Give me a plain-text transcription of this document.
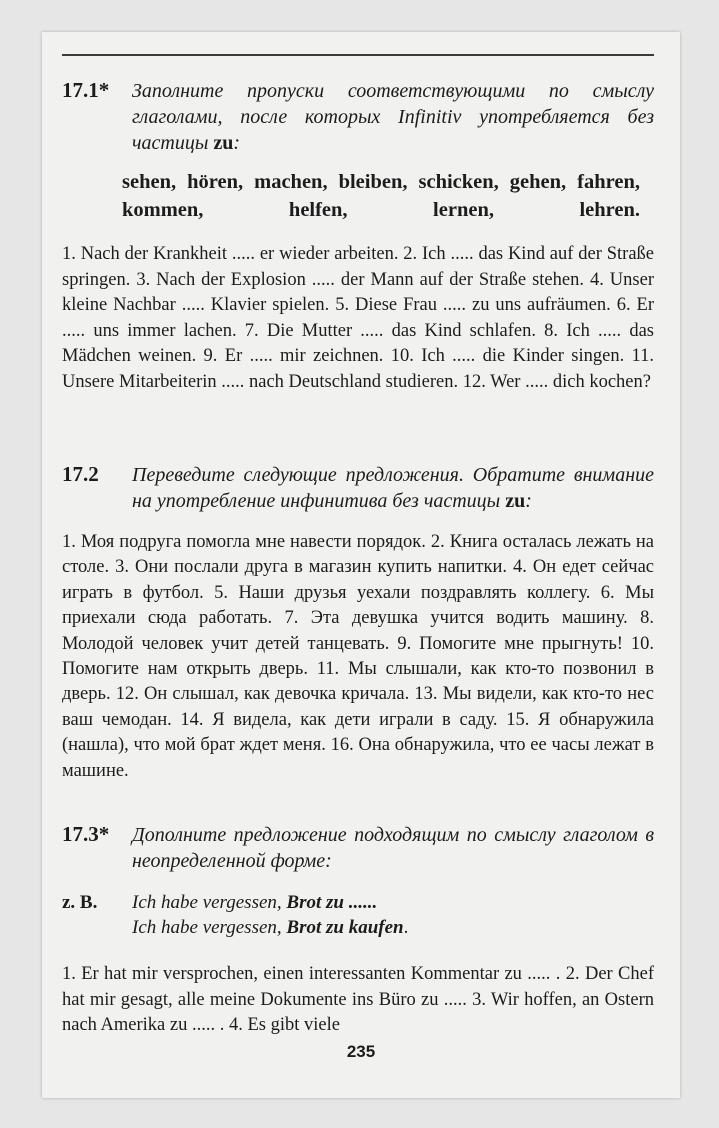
17.1* Заполните пропуски соответствующими по смыслу глаголами, после которых Infinitiv употребляется без частицы zu:
sehen, hören, machen, bleiben, schicken, gehen, fahren, kommen, helfen, lernen, lehren.
1. Nach der Krankheit ..... er wieder arbeiten. 2. Ich ..... das Kind auf der Straße springen. 3. Nach der Explosion ..... der Mann auf der Straße stehen. 4. Unser kleine Nachbar ..... Klavier spielen. 5. Diese Frau ..... zu uns aufräumen. 6. Er ..... uns immer lachen. 7. Die Mutter ..... das Kind schlafen. 8. Ich ..... das Mädchen weinen. 9. Er ..... mir zeichnen. 10. Ich ..... die Kinder singen. 11. Unsere Mitarbeiterin ..... nach Deutschland studieren. 12. Wer ..... dich kochen?
17.2 Переведите следующие предложения. Обратите внимание на употребление инфинитива без частицы zu:
1. Моя подруга помогла мне навести порядок. 2. Книга осталась лежать на столе. 3. Они послали друга в магазин купить напитки. 4. Он едет сейчас играть в футбол. 5. Наши друзья уехали поздравлять коллегу. 6. Мы приехали сюда работать. 7. Эта девушка учится водить машину. 8. Молодой человек учит детей танцевать. 9. Помогите мне прыгнуть! 10. Помогите нам открыть дверь. 11. Мы слышали, как кто-то позвонил в дверь. 12. Он слышал, как девочка кричала. 13. Мы видели, как кто-то нес ваш чемодан. 14. Я видела, как дети играли в саду. 15. Я обнаружила (нашла), что мой брат ждет меня. 16. Она обнаружила, что ее часы лежат в машине.
17.3* Дополните предложение подходящим по смыслу глаголом в неопределенной форме:
z. B. Ich habe vergessen, Brot zu ......
Ich habe vergessen, Brot zu kaufen.
1. Er hat mir versprochen, einen interessanten Kommentar zu ..... . 2. Der Chef hat mir gesagt, alle meine Dokumente ins Büro zu ..... 3. Wir hoffen, an Ostern nach Amerika zu ..... . 4. Es gibt viele
235
